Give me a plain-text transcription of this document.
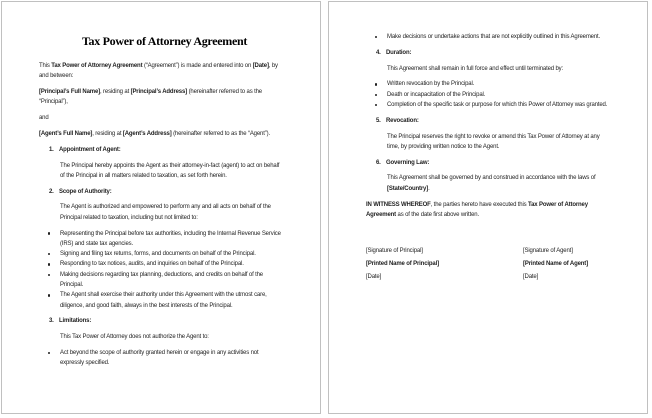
Tax Power of Attorney Agreement

This Tax Power of Attorney Agreement (“Agreement”) is made and entered into on [Date], by
and between:

[Principal’s Full Name], residing at [Principal’s Address] (hereinafter referred to as the
“Principal”),

and

[Agent’s Full Name], residing at [Agent’s Address] (hereinafter referred to as the “Agent”).

1. Appointment of Agent:

The Principal hereby appoints the Agent as their attorney-in-fact (agent) to act on behalf
of the Principal in all matters related to taxation, as set forth herein.

2. Scope of Authority:

The Agent is authorized and empowered to perform any and all acts on behalf of the
Principal related to taxation, including but not limited to:

Representing the Principal before tax authorities, including the Internal Revenue Service
(IRS) and state tax agencies.
Signing and filing tax returns, forms, and documents on behalf of the Principal.
Responding to tax notices, audits, and inquiries on behalf of the Principal.
Making decisions regarding tax planning, deductions, and credits on behalf of the
Principal.
The Agent shall exercise their authority under this Agreement with the utmost care,
diligence, and good faith, always in the best interests of the Principal.
3. Limitations:

This Tax Power of Attorney does not authorize the Agent to:

Act beyond the scope of authority granted herein or engage in any activities not
expressly specified.
Make decisions or undertake actions that are not explicitly outlined in this Agreement.
4. Duration:

This Agreement shall remain in full force and effect until terminated by:

Written revocation by the Principal.
Death or incapacitation of the Principal.
Completion of the specific task or purpose for which this Power of Attorney was granted.
5. Revocation:

The Principal reserves the right to revoke or amend this Tax Power of Attorney at any
time, by providing written notice to the Agent.

6. Governing Law:

This Agreement shall be governed by and construed in accordance with the laws of
[State/Country].

IN WITNESS WHEREOF, the parties hereto have executed this Tax Power of Attorney
Agreement as of the date first above written.

[Signature of Principal]

[Printed Name of Principal]

[Date]

[Signature of Agent]

[Printed Name of Agent]

[Date]
